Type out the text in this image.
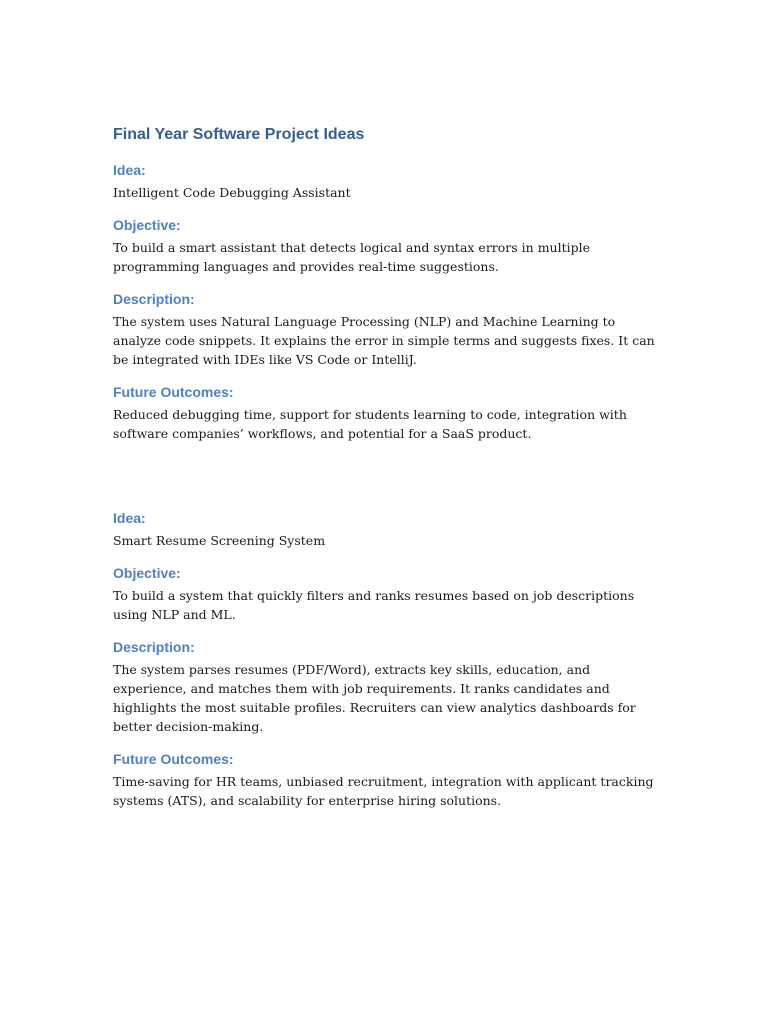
Final Year Software Project Ideas
Idea:

Intelligent Code Debugging Assistant

Objective:

To build a smart assistant that detects logical and syntax errors in multiple programming languages and provides real-time suggestions.

Description:

The system uses Natural Language Processing (NLP) and Machine Learning to analyze code snippets. It explains the error in simple terms and suggests fixes. It can be integrated with IDEs like VS Code or IntelliJ.

Future Outcomes:

Reduced debugging time, support for students learning to code, integration with software companies’ workflows, and potential for a SaaS product.

Idea:

Smart Resume Screening System

Objective:

To build a system that quickly filters and ranks resumes based on job descriptions using NLP and ML.

Description:

The system parses resumes (PDF/Word), extracts key skills, education, and experience, and matches them with job requirements. It ranks candidates and highlights the most suitable profiles. Recruiters can view analytics dashboards for better decision-making.

Future Outcomes:

Time-saving for HR teams, unbiased recruitment, integration with applicant tracking systems (ATS), and scalability for enterprise hiring solutions.
